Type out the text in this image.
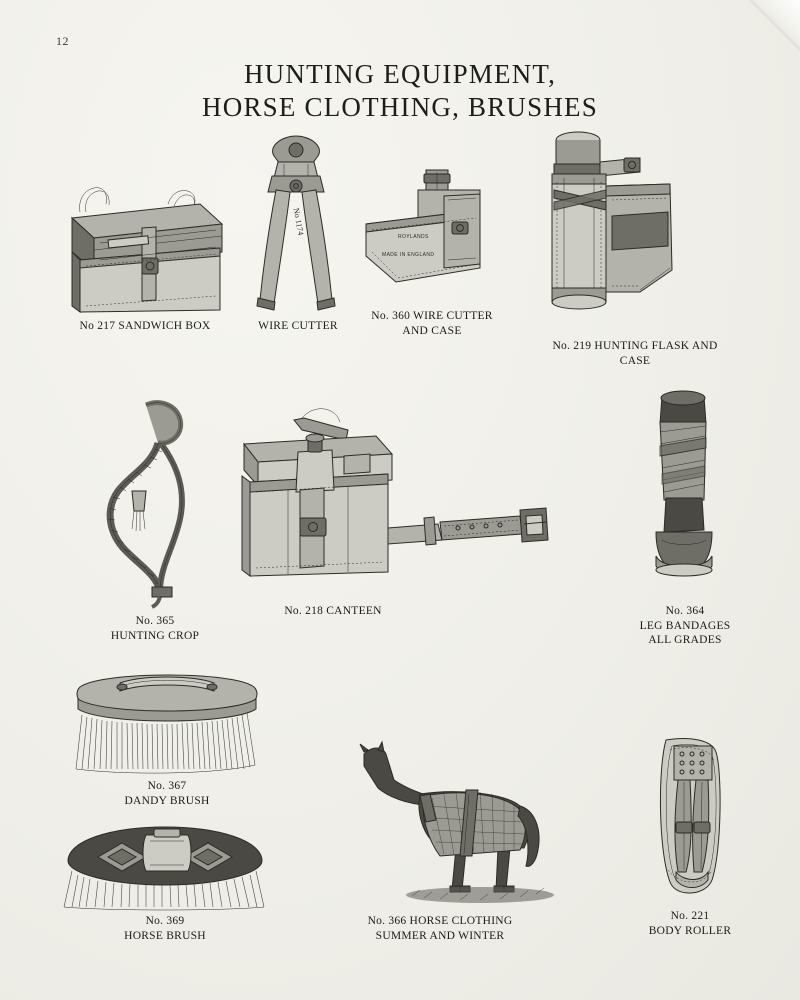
12
HUNTING EQUIPMENT,
HORSE CLOTHING, BRUSHES
No 217 SANDWICH BOX
No 1174
WIRE CUTTER
ROYLANDS
MADE IN ENGLAND
No. 360 WIRE CUTTER
AND CASE
No. 219 HUNTING FLASK AND
CASE
No. 365
HUNTING CROP
No. 218 CANTEEN	No. 364
LEG BANDAGES
ALL GRADES
No. 367
DANDY BRUSH
No. 369
HORSE BRUSH
No. 366 HORSE CLOTHING
SUMMER AND WINTER
No. 221
BODY ROLLER
